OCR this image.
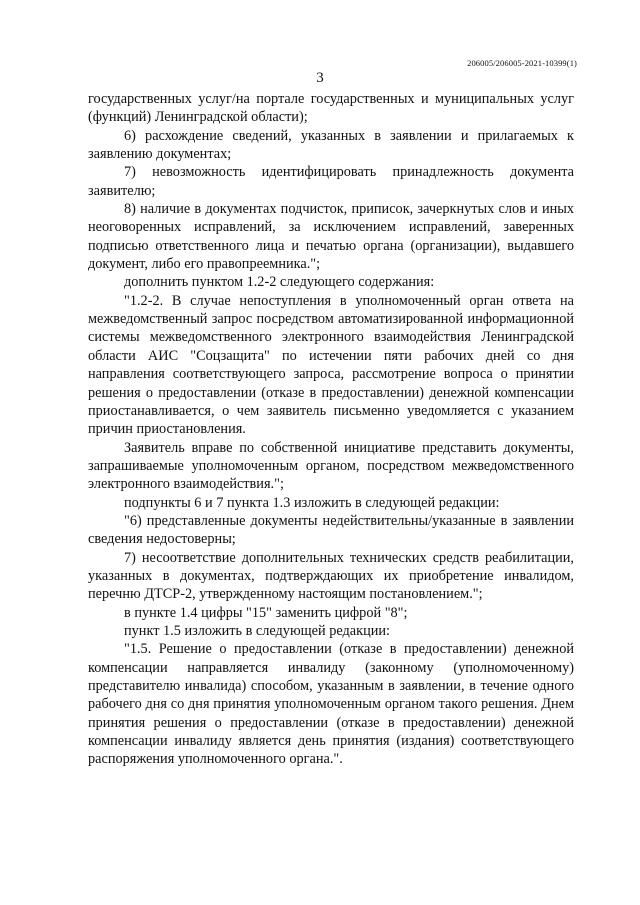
206005/206005-2021-10399(1)
3

государственных услуг/на портале государственных и муниципальных услуг (функций) Ленинградской области);

6) расхождение сведений, указанных в заявлении и прилагаемых к заявлению документах;

7) невозможность идентифицировать принадлежность документа заявителю;

8) наличие в документах подчисток, приписок, зачеркнутых слов и иных неоговоренных исправлений, за исключением исправлений, заверенных подписью ответственного лица и печатью органа (организации), выдавшего документ, либо его правопреемника.";

дополнить пунктом 1.2-2 следующего содержания:

"1.2-2. В случае непоступления в уполномоченный орган ответа на межведомственный запрос посредством автоматизированной информационной системы межведомственного электронного взаимодействия Ленинградской области АИС "Соцзащита" по истечении пяти рабочих дней со дня направления соответствующего запроса, рассмотрение вопроса о принятии решения о предоставлении (отказе в предоставлении) денежной компенсации приостанавливается, о чем заявитель письменно уведомляется с указанием причин приостановления.

Заявитель вправе по собственной инициативе представить документы, запрашиваемые уполномоченным органом, посредством межведомственного электронного взаимодействия.";

подпункты 6 и 7 пункта 1.3 изложить в следующей редакции:

"6) представленные документы недействительны/указанные в заявлении сведения недостоверны;

7) несоответствие дополнительных технических средств реабилитации, указанных в документах, подтверждающих их приобретение инвалидом, перечню ДТСР-2, утвержденному настоящим постановлением.";

в пункте 1.4 цифры "15" заменить цифрой "8";

пункт 1.5 изложить в следующей редакции:

"1.5. Решение о предоставлении (отказе в предоставлении) денежной компенсации направляется инвалиду (законному (уполномоченному) представителю инвалида) способом, указанным в заявлении, в течение одного рабочего дня со дня принятия уполномоченным органом такого решения. Днем принятия решения о предоставлении (отказе в предоставлении) денежной компенсации инвалиду является день принятия (издания) соответствующего распоряжения уполномоченного органа.".
